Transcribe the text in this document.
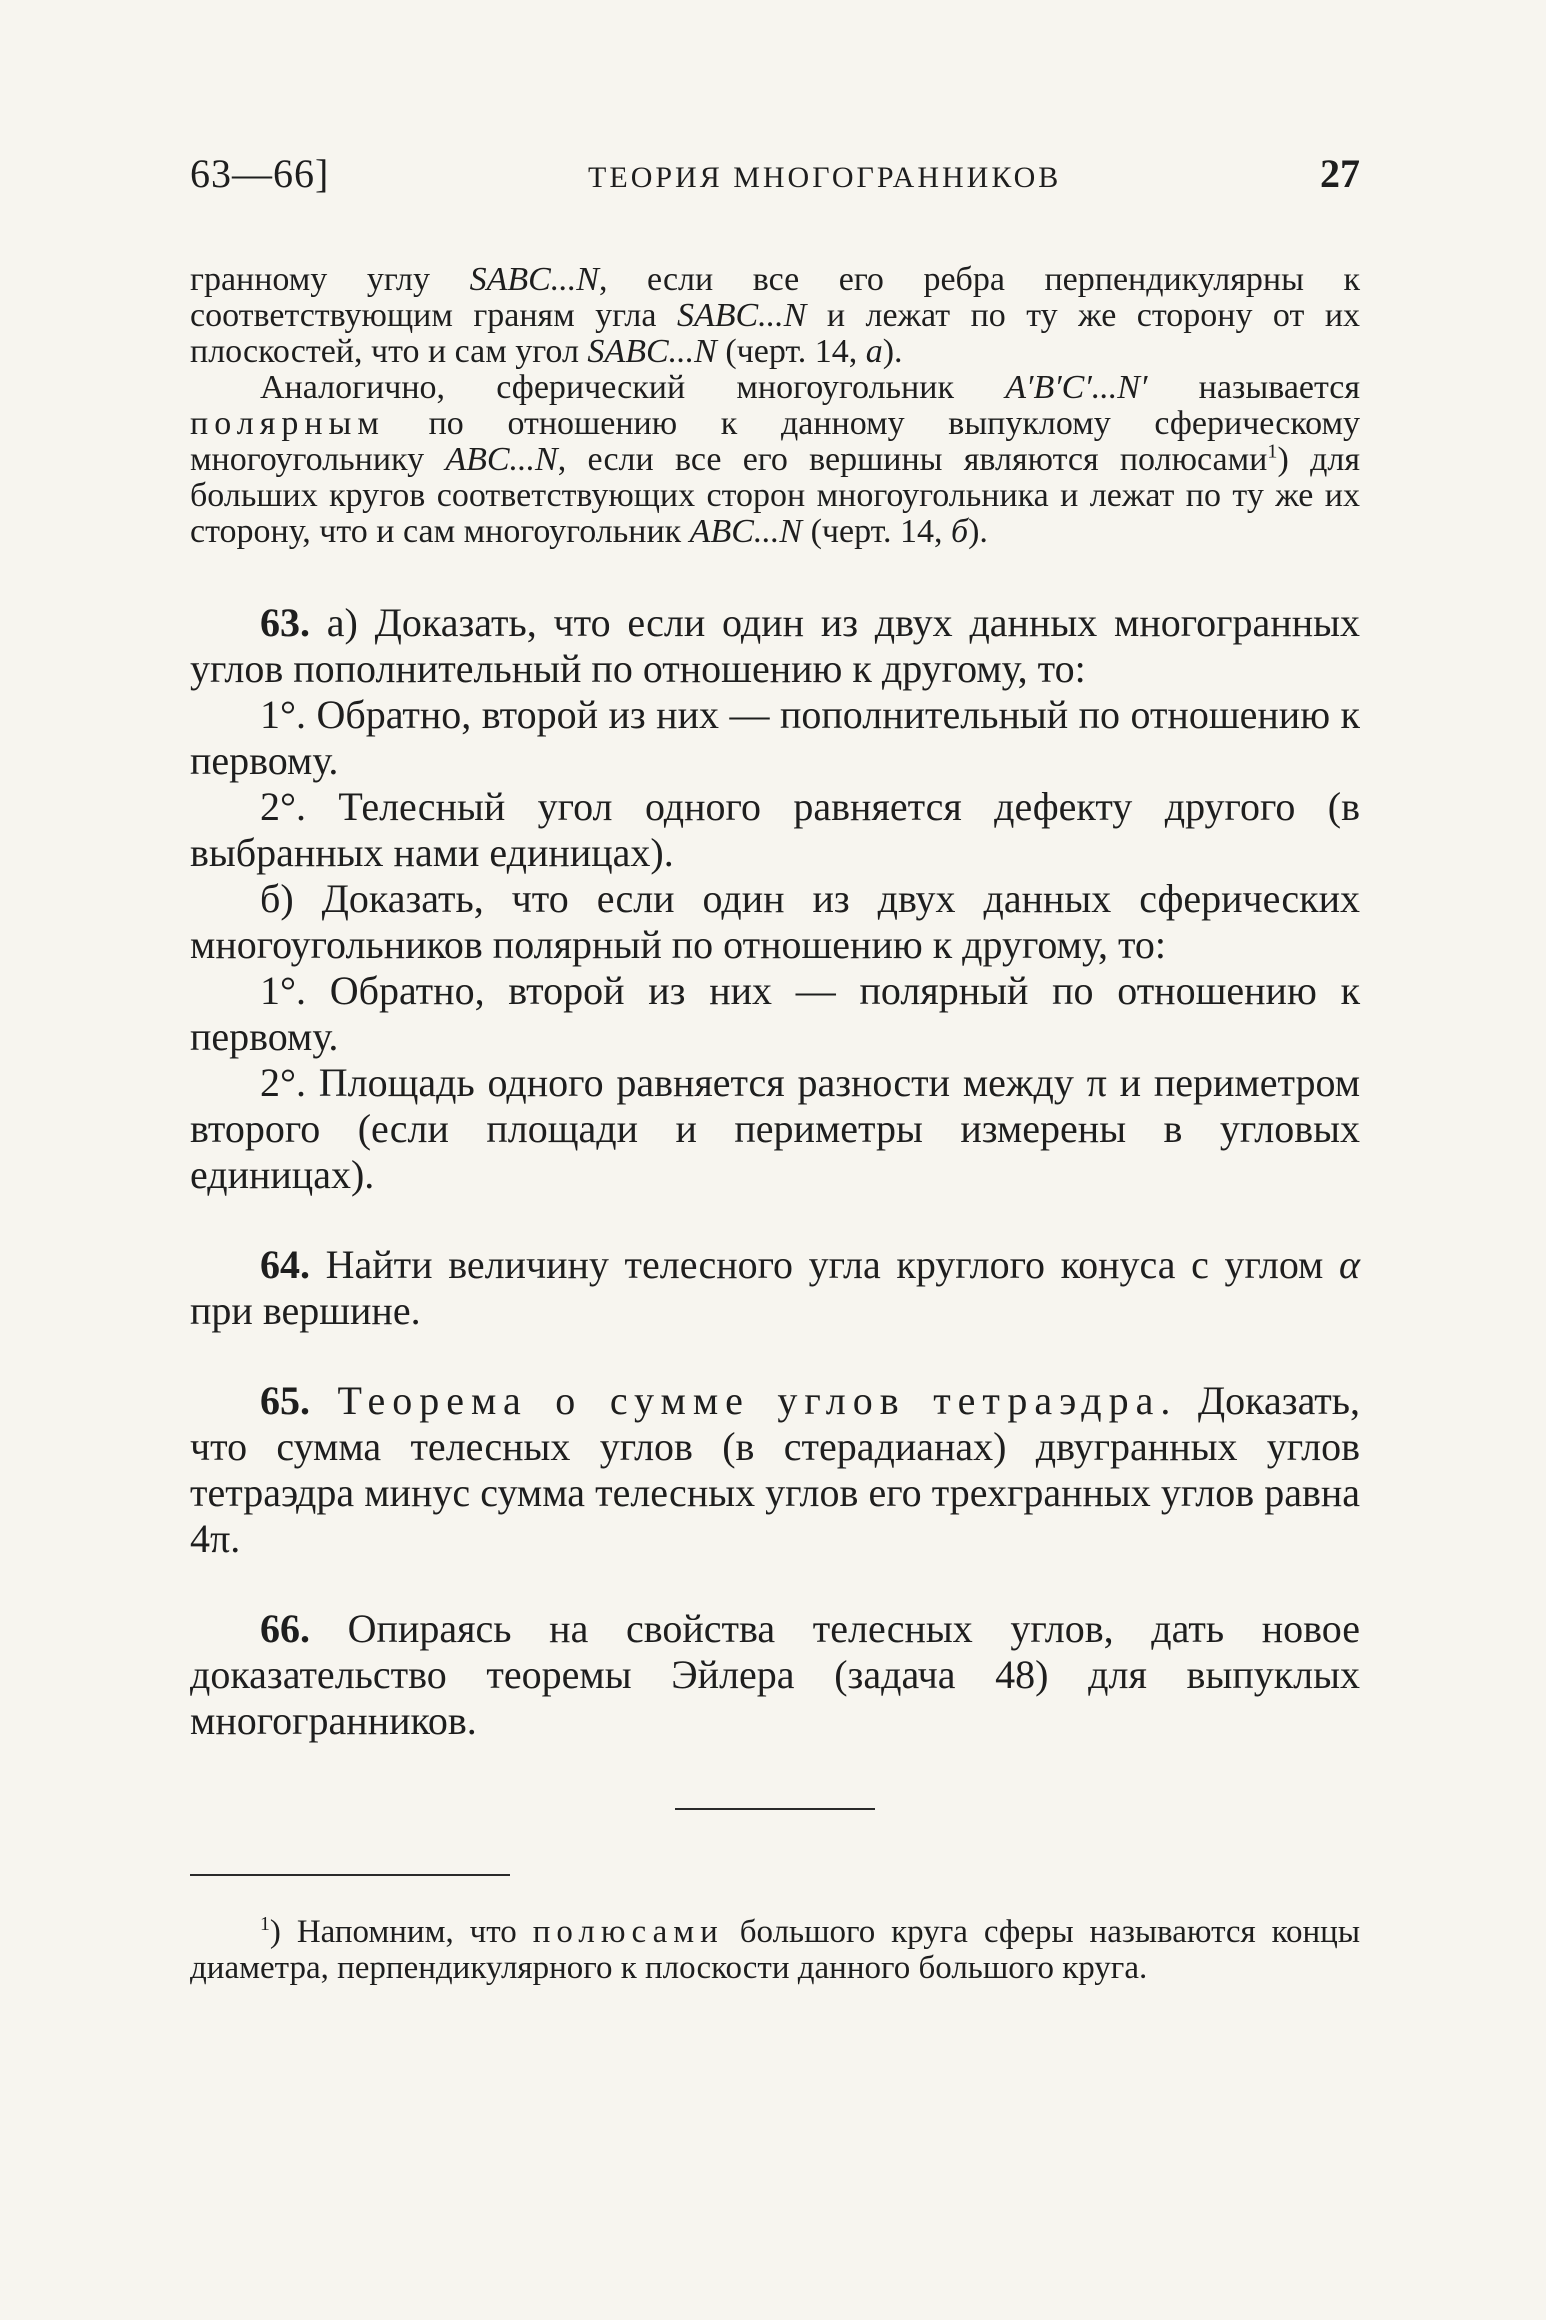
63—66]	ТЕОРИЯ МНОГОГРАННИКОВ	27

гранному углу SABC...N, если все его ребра перпендикулярны к соответствующим граням угла SABC...N и лежат по ту же сторону от их плоскостей, что и сам угол SABC...N (черт. 14, а).

Аналогично, сферический многоугольник A′B′C′...N′ называется полярным по отношению к данному выпуклому сферическому многоугольнику ABC...N, если все его вершины являются полюсами$^1$) для больших кругов соответствующих сторон многоугольника и лежат по ту же их сторону, что и сам многоугольник ABC...N (черт. 14, б).

63. а) Доказать, что если один из двух данных многогранных углов пополнительный по отношению к другому, то:

1°. Обратно, второй из них — пополнительный по отношению к первому.

2°. Телесный угол одного равняется дефекту другого (в выбранных нами единицах).

б) Доказать, что если один из двух данных сферических многоугольников полярный по отношению к другому, то:

1°. Обратно, второй из них — полярный по отношению к первому.

2°. Площадь одного равняется разности между π и периметром второго (если площади и периметры измерены в угловых единицах).

64. Найти величину телесного угла круглого конуса с углом α при вершине.

65. Теорема о сумме углов тетраэдра. Доказать, что сумма телесных углов (в стерадианах) двугранных углов тетраэдра минус сумма телесных углов его трехгранных углов равна 4π.

66. Опираясь на свойства телесных углов, дать новое доказательство теоремы Эйлера (задача 48) для выпуклых многогранников.

$^1$) Напомним, что полюсами большого круга сферы называются концы диаметра, перпендикулярного к плоскости данного большого круга.
